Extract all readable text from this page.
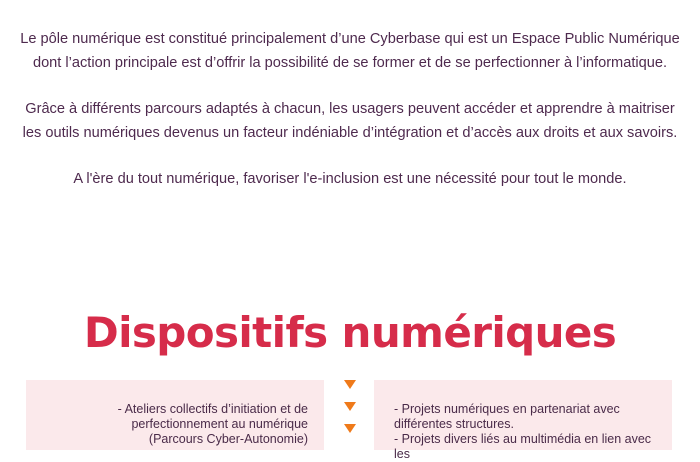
Le pôle numérique est constitué principalement d’une Cyberbase qui est un Espace Public Numérique dont l’action principale est d’offrir la possibilité de se former et de se perfectionner à l’informatique.

Grâce à différents parcours adaptés à chacun, les usagers peuvent accéder et apprendre à maitriser les outils numériques devenus un facteur indéniable d’intégration et d’accès aux droits et aux savoirs.

A l'ère du tout numérique, favoriser l'e-inclusion est une nécessité pour tout le monde.

Dispositifs numériques
- Ateliers collectifs d’initiation et de
perfectionnement au numérique
(Parcours Cyber-Autonomie)
- Projets numériques en partenariat avec
différentes structures.
- Projets divers liés au multimédia en lien avec les
